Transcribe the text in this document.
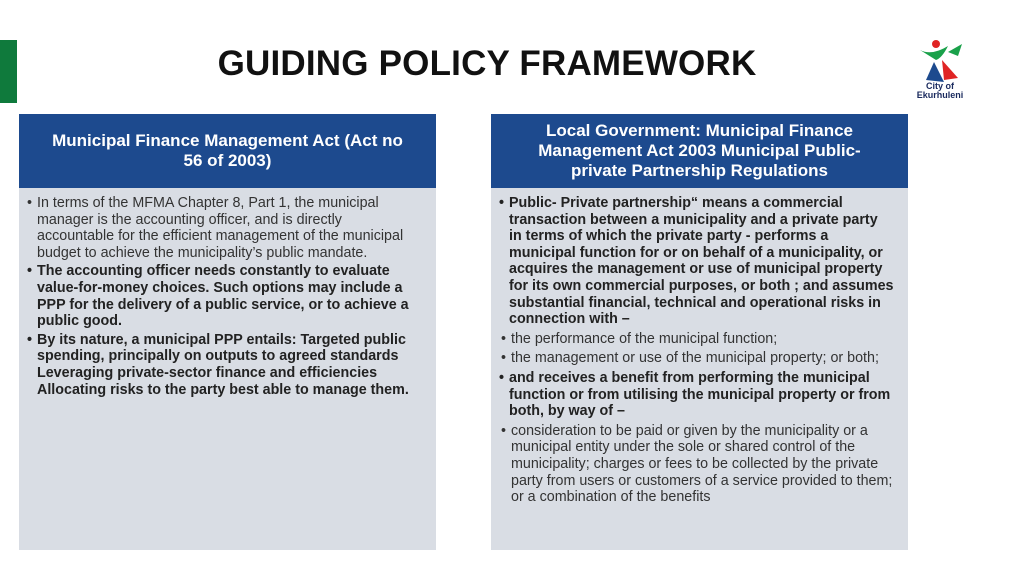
GUIDING POLICY FRAMEWORK
City of
Ekurhuleni
Municipal Finance Management Act (Act no 56 of 2003)
• In terms of the MFMA Chapter 8, Part 1, the municipal manager is the accounting officer, and is directly accountable for the efficient management of the municipal budget to achieve the municipality’s public mandate.
• The accounting officer needs constantly to evaluate value-for-money choices. Such options may include a PPP for the delivery of a public service, or to achieve a public good.
• By its nature, a municipal PPP entails: Targeted public spending, principally on outputs to agreed standards Leveraging private-sector finance and efficiencies Allocating risks to the party best able to manage them.
Local Government: Municipal Finance Management Act 2003 Municipal Public-private Partnership Regulations
• Public- Private partnership“ means a commercial transaction between a municipality and a private party in terms of which the private party - performs a municipal function for or on behalf of a municipality, or acquires the management or use of municipal property for its own commercial purposes, or both ; and assumes substantial financial, technical and operational risks in connection with –
• the performance of the municipal function;
• the management or use of the municipal property; or both;
• and receives a benefit from performing the municipal function or from utilising the municipal property or from both, by way of –
• consideration to be paid or given by the municipality or a municipal entity under the sole or shared control of the municipality; charges or fees to be collected by the private party from users or customers of a service provided to them; or a combination of the benefits
